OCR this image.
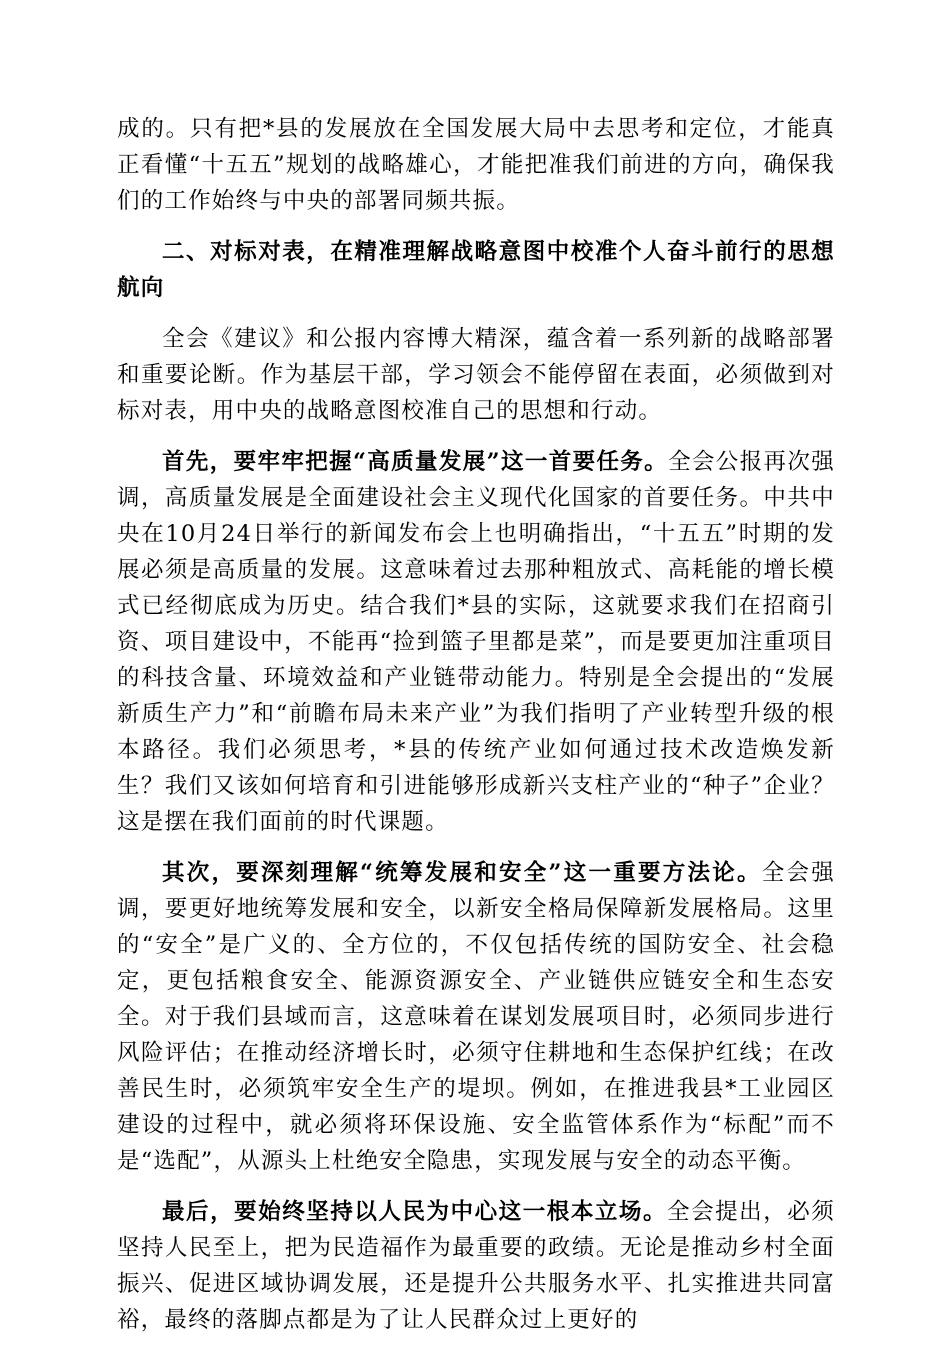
成的。只有把*县的发展放在全国发展大局中去思考和定位，才能真正看懂“十五五”规划的战略雄心，才能把准我们前进的方向，确保我们的工作始终与中央的部署同频共振。

二、对标对表，在精准理解战略意图中校准个人奋斗前行的思想航向

全会《建议》和公报内容博大精深，蕴含着一系列新的战略部署和重要论断。作为基层干部，学习领会不能停留在表面，必须做到对标对表，用中央的战略意图校准自己的思想和行动。

首先，要牢牢把握“高质量发展”这一首要任务。全会公报再次强调，高质量发展是全面建设社会主义现代化国家的首要任务。中共中央在10月24日举行的新闻发布会上也明确指出，“十五五”时期的发展必须是高质量的发展。这意味着过去那种粗放式、高耗能的增长模式已经彻底成为历史。结合我们*县的实际，这就要求我们在招商引资、项目建设中，不能再“捡到篮子里都是菜”，而是要更加注重项目的科技含量、环境效益和产业链带动能力。特别是全会提出的“发展新质生产力”和“前瞻布局未来产业”为我们指明了产业转型升级的根本路径。我们必须思考，*县的传统产业如何通过技术改造焕发新生？我们又该如何培育和引进能够形成新兴支柱产业的“种子”企业？这是摆在我们面前的时代课题。

其次，要深刻理解“统筹发展和安全”这一重要方法论。全会强调，要更好地统筹发展和安全，以新安全格局保障新发展格局。这里的“安全”是广义的、全方位的，不仅包括传统的国防安全、社会稳定，更包括粮食安全、能源资源安全、产业链供应链安全和生态安全。对于我们县域而言，这意味着在谋划发展项目时，必须同步进行风险评估；在推动经济增长时，必须守住耕地和生态保护红线；在改善民生时，必须筑牢安全生产的堤坝。例如，在推进我县*工业园区建设的过程中，就必须将环保设施、安全监管体系作为“标配”而不是“选配”，从源头上杜绝安全隐患，实现发展与安全的动态平衡。

最后，要始终坚持以人民为中心这一根本立场。全会提出，必须坚持人民至上，把为民造福作为最重要的政绩。无论是推动乡村全面振兴、促进区域协调发展，还是提升公共服务水平、扎实推进共同富裕，最终的落脚点都是为了让人民群众过上更好的
